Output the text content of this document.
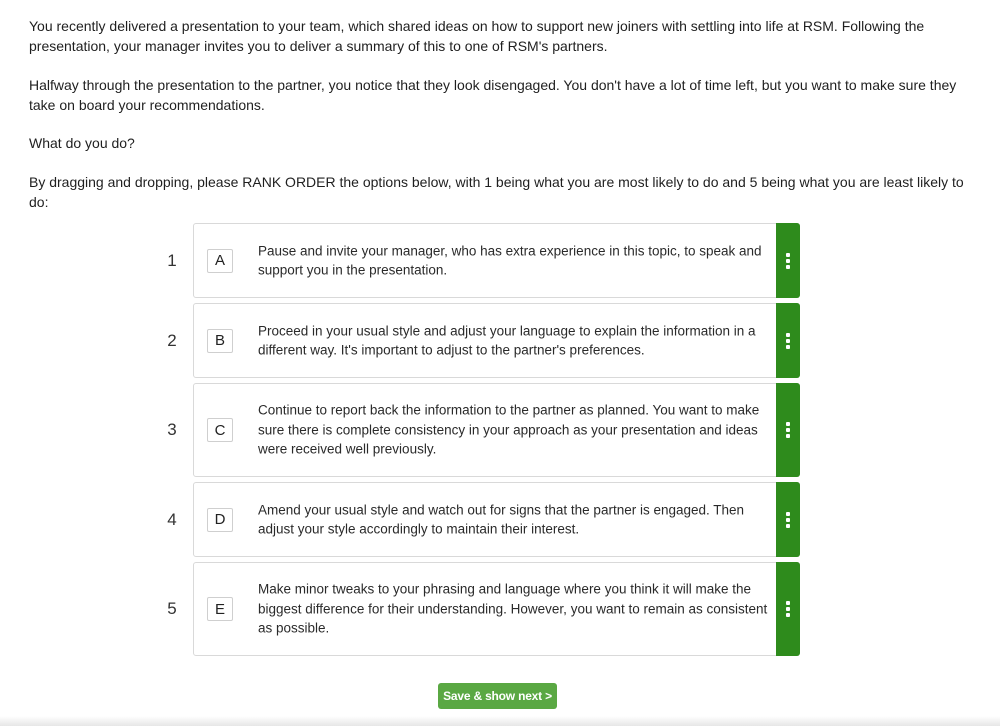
You recently delivered a presentation to your team, which shared ideas on how to support new joiners with settling into life at RSM. Following the presentation, your manager invites you to deliver a summary of this to one of RSM's partners.

Halfway through the presentation to the partner, you notice that they look disengaged. You don't have a lot of time left, but you want to make sure they take on board your recommendations.

What do you do?

By dragging and dropping, please RANK ORDER the options below, with 1 being what you are most likely to do and 5 being what you are least likely to do:

1	A
Pause and invite your manager, who has extra experience in this topic, to speak and support you in the presentation.
2	B
Proceed in your usual style and adjust your language to explain the information in a different way. It's important to adjust to the partner's preferences.
3	C
Continue to report back the information to the partner as planned. You want to make sure there is complete consistency in your approach as your presentation and ideas were received well previously.
4	D
Amend your usual style and watch out for signs that the partner is engaged. Then adjust your style accordingly to maintain their interest.
5	E
Make minor tweaks to your phrasing and language where you think it will make the biggest difference for their understanding. However, you want to remain as consistent as possible.
Save & show next >
